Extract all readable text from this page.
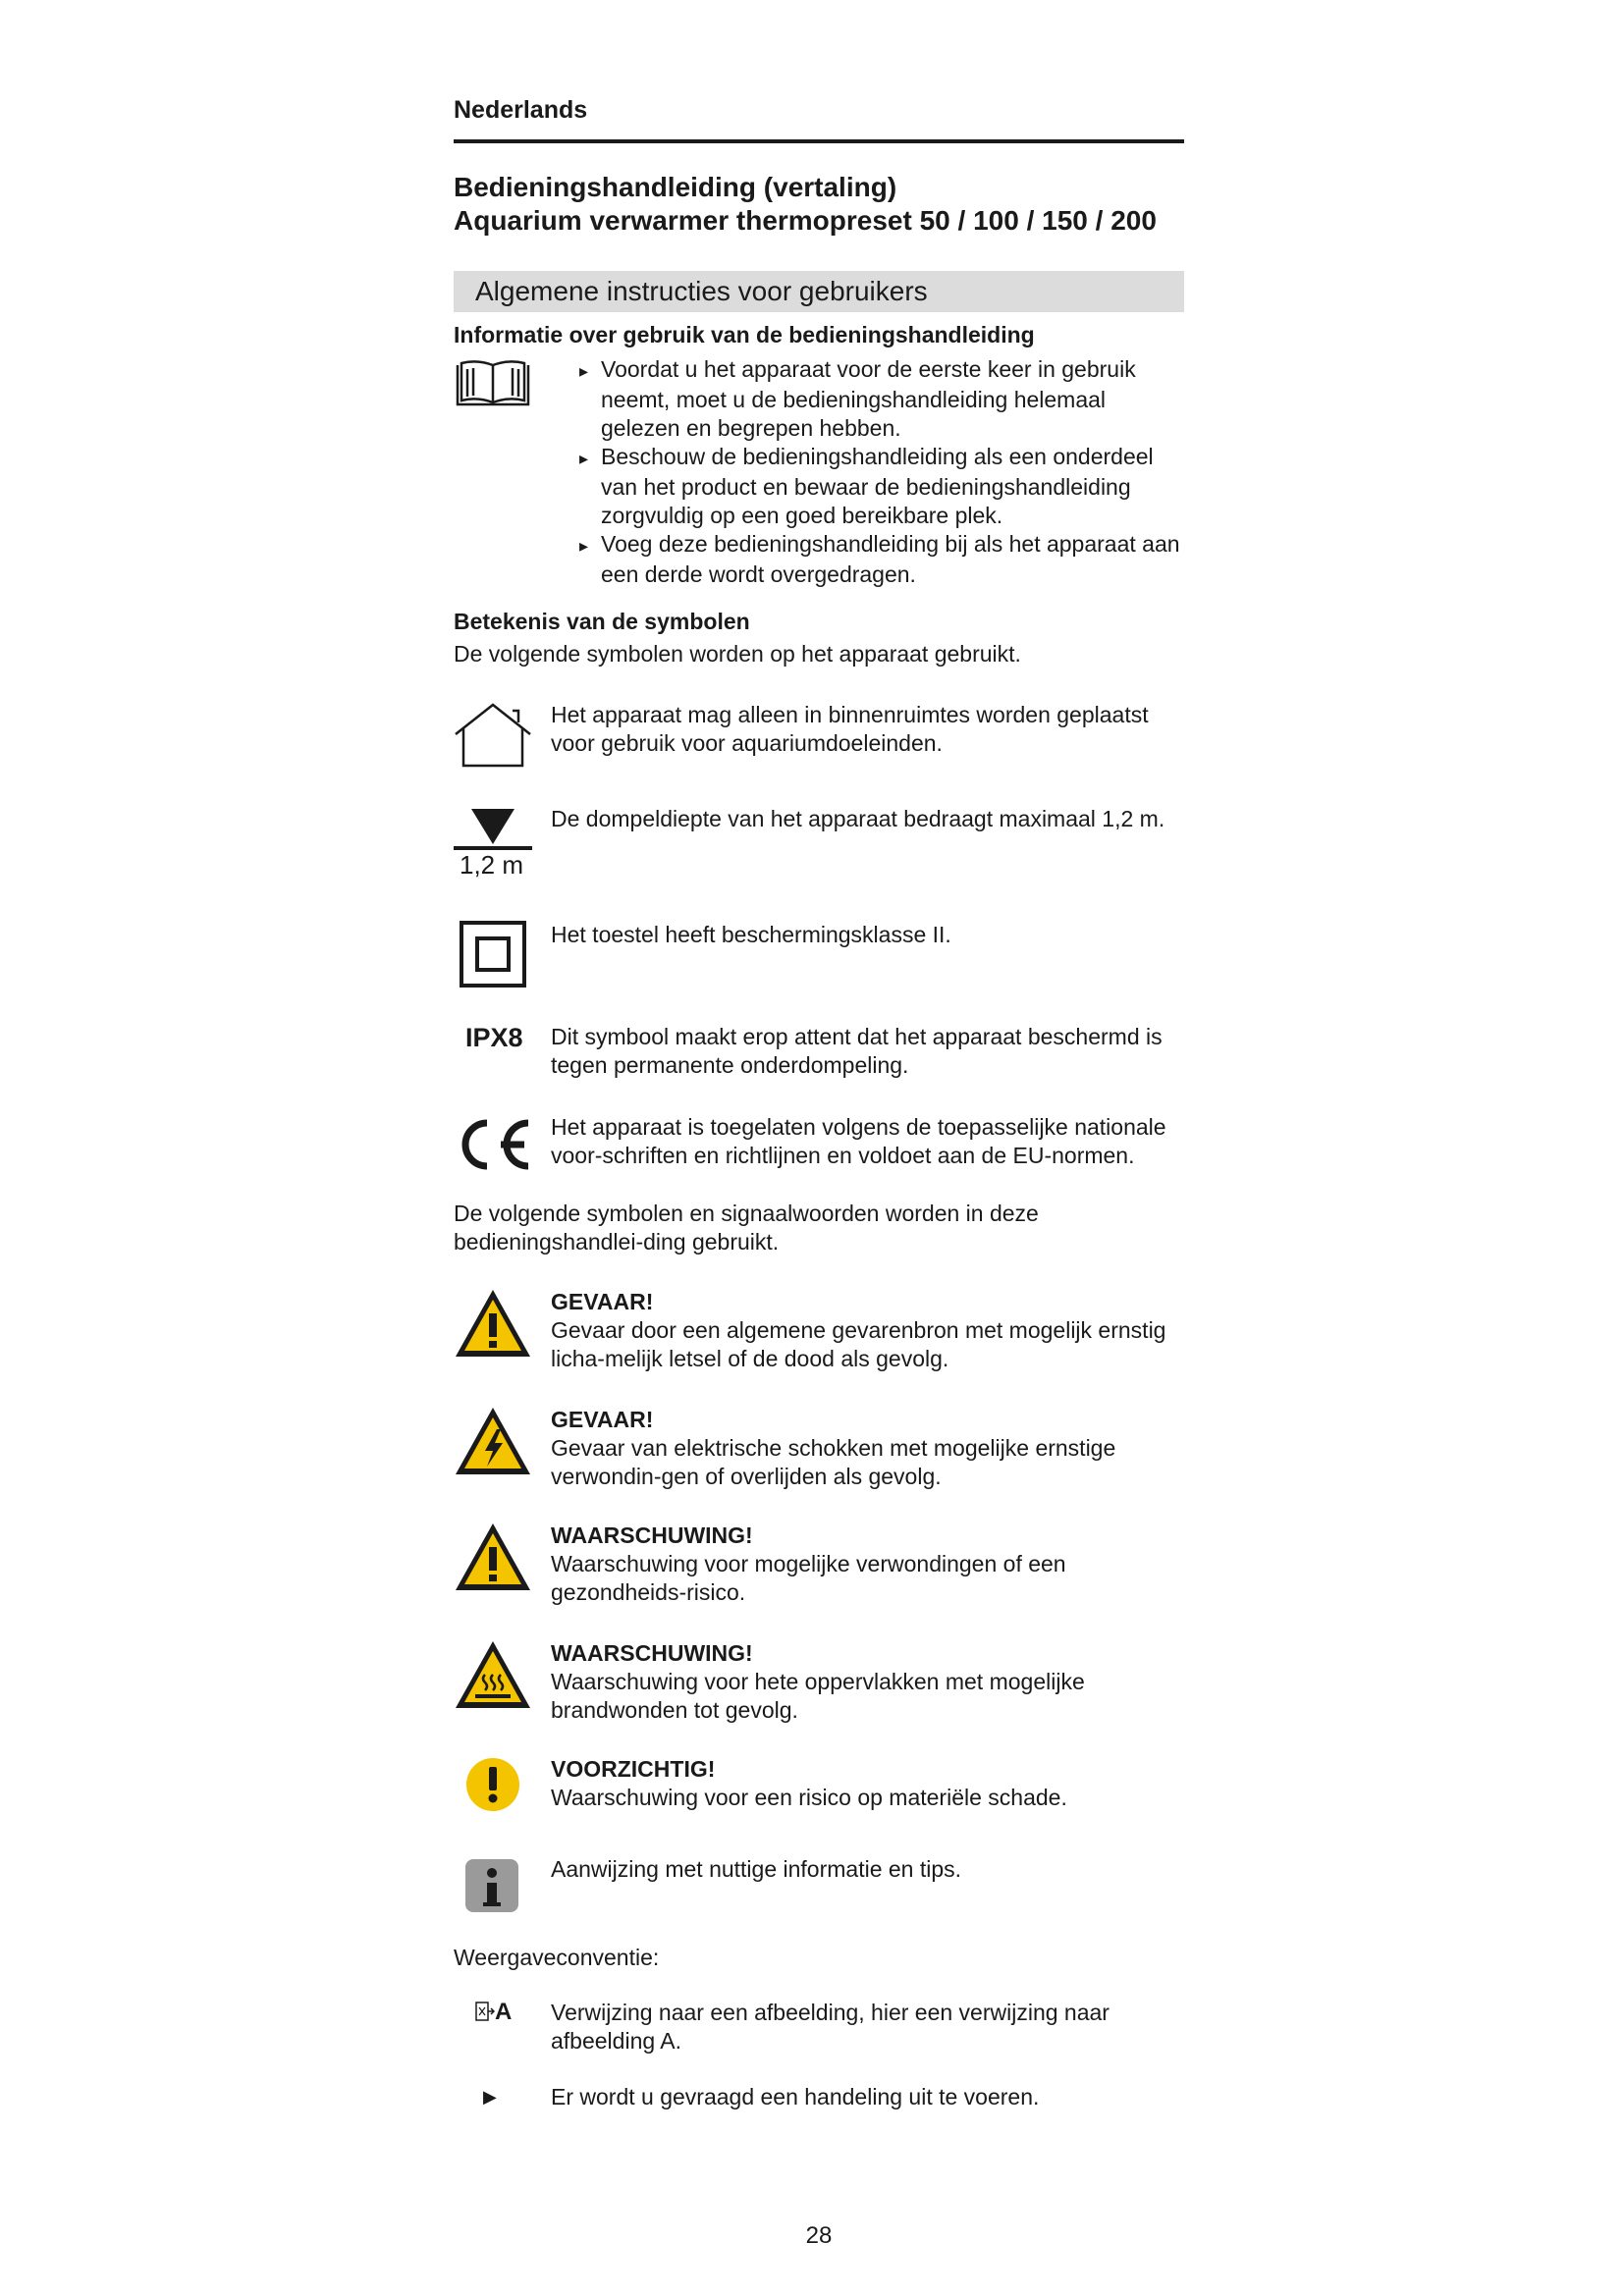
Nederlands
Bedieningshandleiding (vertaling)
Aquarium verwarmer thermopreset 50 / 100 / 150 / 200
Algemene instructies voor gebruikers
Informatie over gebruik van de bedieningshandleiding
▸ Voordat u het apparaat voor de eerste keer in gebruik neemt, moet u de bedieningshandleiding helemaal gelezen en begrepen hebben.
▸ Beschouw de bedieningshandleiding als een onderdeel van het product en bewaar de bedieningshandleiding zorgvuldig op een goed bereikbare plek.
▸ Voeg deze bedieningshandleiding bij als het apparaat aan een derde wordt overgedragen.
Betekenis van de symbolen
De volgende symbolen worden op het apparaat gebruikt.
Het apparaat mag alleen in binnenruimtes worden geplaatst voor gebruik voor aquariumdoeleinden.
1,2 m
De dompeldiepte van het apparaat bedraagt maximaal 1,2 m.
Het toestel heeft beschermingsklasse II.
IPX8 Dit symbool maakt erop attent dat het apparaat beschermd is tegen permanente onderdompeling.
Het apparaat is toegelaten volgens de toepasselijke nationale voor-schriften en richtlijnen en voldoet aan de EU-normen.
De volgende symbolen en signaalwoorden worden in deze bedieningshandlei-ding gebruikt.
GEVAAR!
Gevaar door een algemene gevarenbron met mogelijk ernstig licha-melijk letsel of de dood als gevolg.
GEVAAR!
Gevaar van elektrische schokken met mogelijke ernstige verwondin-gen of overlijden als gevolg.
WAARSCHUWING!
Waarschuwing voor mogelijke verwondingen of een gezondheids-risico.
WAARSCHUWING!
Waarschuwing voor hete oppervlakken met mogelijke brandwonden tot gevolg.
VOORZICHTIG!
Waarschuwing voor een risico op materiële schade.
Aanwijzing met nuttige informatie en tips.
Weergaveconventie:
A Verwijzing naar een afbeelding, hier een verwijzing naar afbeelding A.
▶ Er wordt u gevraagd een handeling uit te voeren.
28
